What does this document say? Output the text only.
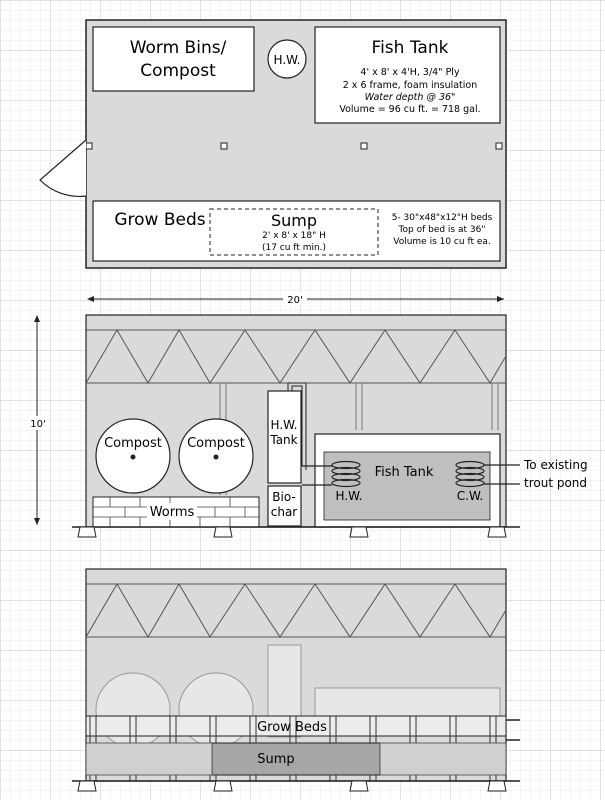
Worm Bins/
Compost
H.W.
Fish Tank
4' x 8' x 4'H, 3/4" Ply
2 x 6 frame, foam insulation
Water depth @ 36"
Volume = 96 cu ft. = 718 gal.
Grow Beds	Sump
2' x 8' x 18" H
(17 cu ft min.)
5- 30"x48"x12"H beds
Top of bed is at 36"
Volume is 10 cu ft ea.
20'
10'
Compost Compost
Worms
H.W.
Tank
Bio-
char
Fish Tank
H.W.	C.W.
To existing
trout pond
Grow Beds
Sump
